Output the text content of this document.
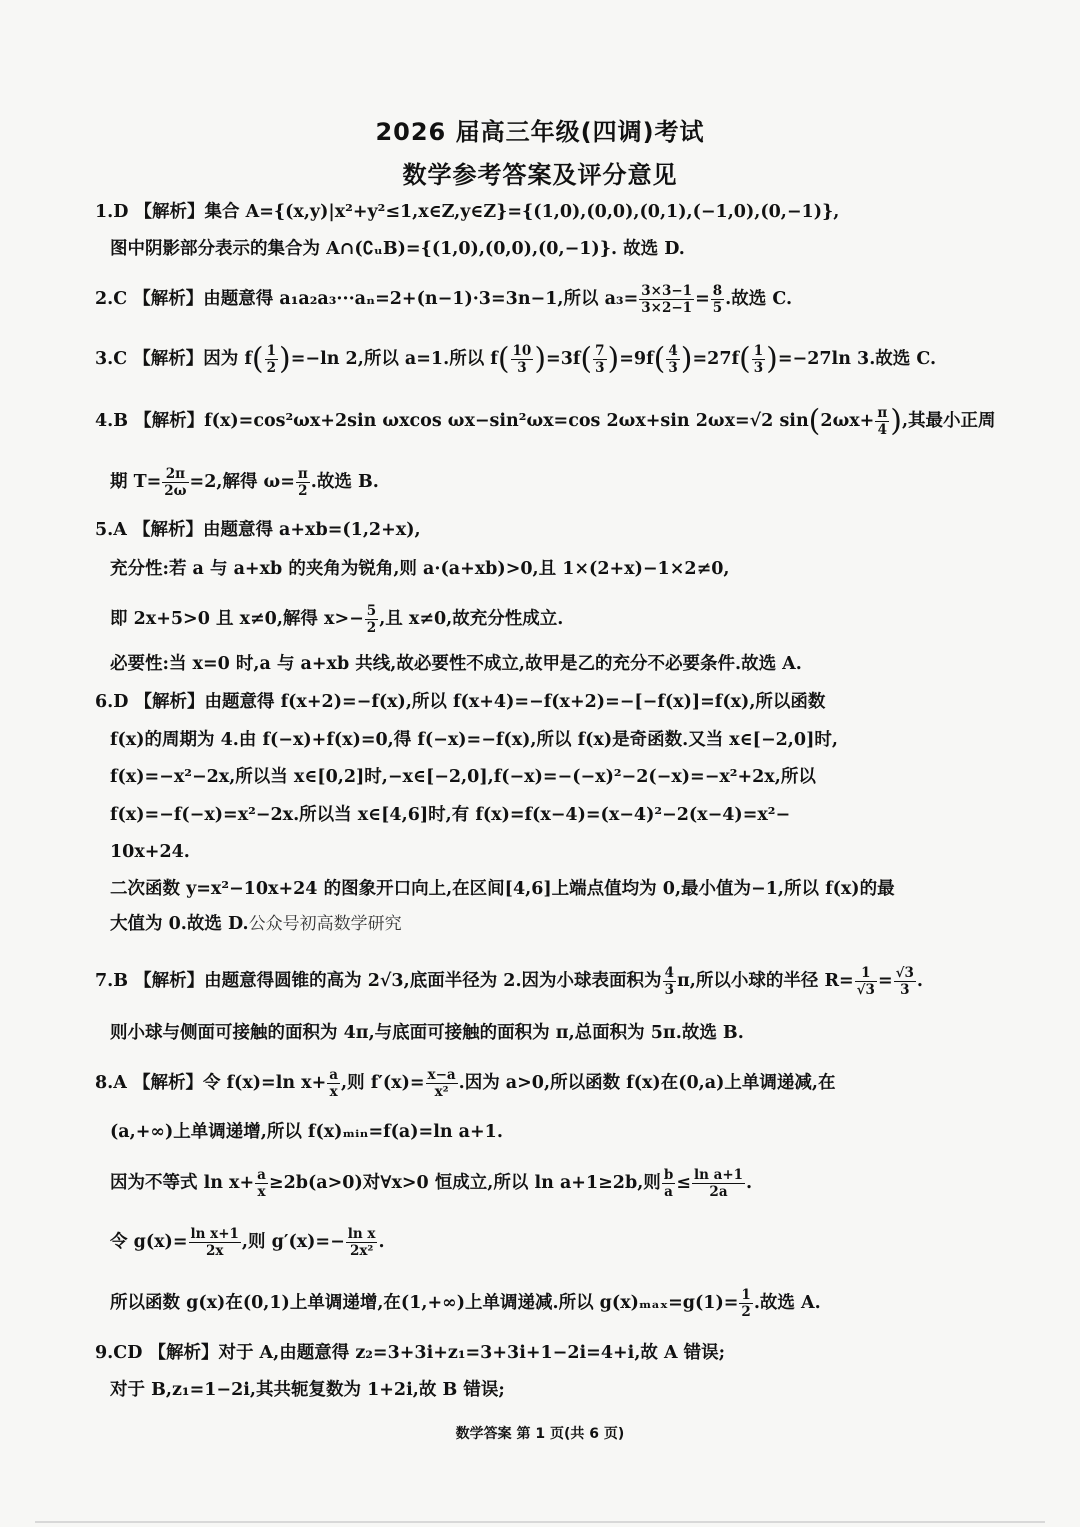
2026 届高三年级(四调)考试
数学参考答案及评分意见
1.D 【解析】集合 A={(x,y)|x²+y²≤1,x∈Z,y∈Z}={(1,0),(0,0),(0,1),(−1,0),(0,−1)},
图中阴影部分表示的集合为 A∩(∁ᵤB)={(1,0),(0,0),(0,−1)}. 故选 D.
2.C 【解析】由题意得 a₁a₂a₃···aₙ=2+(n−1)·3=3n−1,所以 $a_3= \frac{3\times 3-1}{3\times 2-1} = \frac{8}{5}$ .故选 C.
3.C 【解析】因为 $f( \frac{1}{2} )=-\ln$ 2,所以 a=1.所以 $f( \frac{10}{3} )=3f( \frac{7}{3} )=9f( \frac{4}{3} )=27f( \frac{1}{3} )=-27\ln$ 3.故选 C.
4.B 【解析】f(x)=cos²ωx+2sin ωxcos ωx−sin²ωx=cos 2ωx+sin 2ωx=√2 $\sin(2\omega x+ \frac{\pi}{4}$ ),其最小正周
期 $T= \frac{2\pi}{2\omega} =2$,解得 $\omega= \frac{\pi}{2}$ .故选 B.
5.A 【解析】由题意得 a+xb=(1,2+x),
充分性:若 a 与 a+xb 的夹角为锐角,则 a·(a+xb)>0,且 1×(2+x)−1×2≠0,
即 2x+5>0 且 x≠0,解得 $x>- \frac{5}{2}$ ,且 x≠0,故充分性成立.
必要性:当 x=0 时,a 与 a+xb 共线,故必要性不成立,故甲是乙的充分不必要条件.故选 A.
6.D 【解析】由题意得 f(x+2)=−f(x),所以 f(x+4)=−f(x+2)=−[−f(x)]=f(x),所以函数
f(x)的周期为 4.由 f(−x)+f(x)=0,得 f(−x)=−f(x),所以 f(x)是奇函数.又当 x∈[−2,0]时,
f(x)=−x²−2x,所以当 x∈[0,2]时,−x∈[−2,0],f(−x)=−(−x)²−2(−x)=−x²+2x,所以
f(x)=−f(−x)=x²−2x.所以当 x∈[4,6]时,有 f(x)=f(x−4)=(x−4)²−2(x−4)=x²−
10x+24.
二次函数 y=x²−10x+24 的图象开口向上,在区间[4,6]上端点值均为 0,最小值为−1,所以 f(x)的最
大值为 0.故选 D.公众号初高数学研究
7.B 【解析】由题意得圆锥的高为 2√3,底面半径为 2.因为小球表面积为 $\frac{4}{3} \pi$,所以小球的半径 $R= \frac{1}{√3} = \frac{√3}{3}$ .
则小球与侧面可接触的面积为 4π,与底面可接触的面积为 π,总面积为 5π.故选 B.
8.A 【解析】令 f(x)=ln $x+ \frac{a}{x}$ ,则 $f'(x)= \frac{x-a}{\text{x²}}$ .因为 a>0,所以函数 f(x)在(0,a)上单调递减,在
(a,+∞)上单调递增,所以 f(x)ₘᵢₙ=f(a)=ln a+1.
因为不等式 $\ln x+ \frac{a}{x} \ge 2b(a>0)$对∀x>0 恒成立,所以 ln a+1≥2b,则 $\frac{b}{a} \le \frac{\text{ln a+1}}{2a}$ .
令 $g(x)= \frac{\text{ln x+1}}{2x}$ ,则 $g'(x)=- \frac{\text{ln x}}{\text{2x²}}$ .
所以函数 g(x)在(0,1)上单调递增,在(1,+∞)上单调递减.所以 $g(x)_{max}=g(1)= \frac{1}{2}$ .故选 A.
9.CD 【解析】对于 A,由题意得 z₂=3+3i+z₁=3+3i+1−2i=4+i,故 A 错误;
对于 B,z₁=1−2i,其共轭复数为 1+2i,故 B 错误;
数学答案 第 1 页(共 6 页)
